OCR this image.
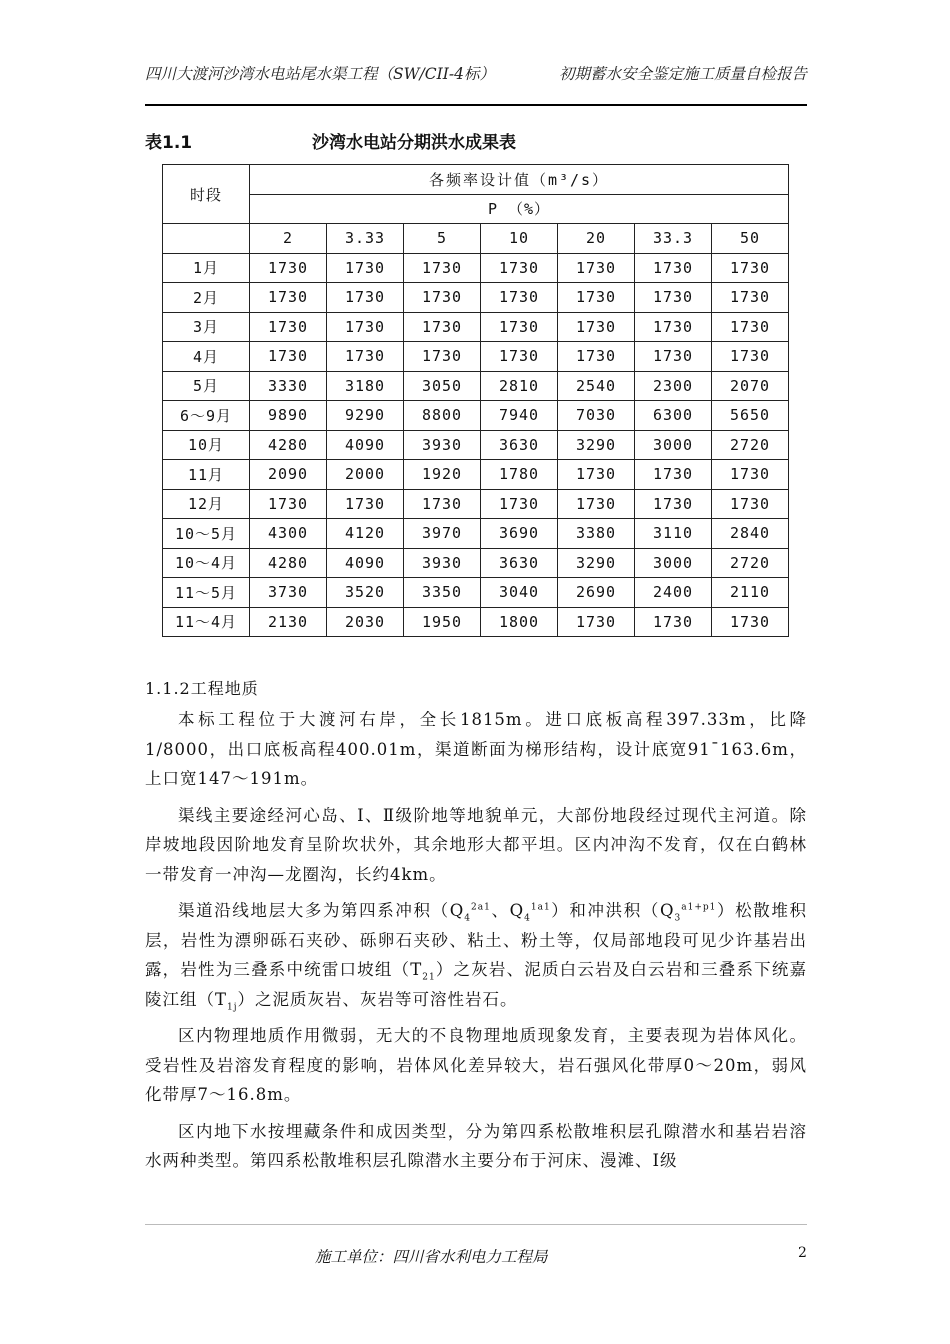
四川大渡河沙湾水电站尾水渠工程（SW/CII-4标）	初期蓄水安全鉴定施工质量自检报告
表1.1	沙湾水电站分期洪水成果表
时段	各频率设计值（m³/s）						
	P （%）						
	2	3.33	5	10	20	33.3	50
1月	1730	1730	1730	1730	1730	1730	1730
2月	1730	1730	1730	1730	1730	1730	1730
3月	1730	1730	1730	1730	1730	1730	1730
4月	1730	1730	1730	1730	1730	1730	1730
5月	3330	3180	3050	2810	2540	2300	2070
6～9月	9890	9290	8800	7940	7030	6300	5650
10月	4280	4090	3930	3630	3290	3000	2720
11月	2090	2000	1920	1780	1730	1730	1730
12月	1730	1730	1730	1730	1730	1730	1730
10～5月	4300	4120	3970	3690	3380	3110	2840
10～4月	4280	4090	3930	3630	3290	3000	2720
11～5月	3730	3520	3350	3040	2690	2400	2110
11～4月	2130	2030	1950	1800	1730	1730	1730
1.1.2工程地质

本标工程位于大渡河右岸，全长1815m。进口底板高程397.33m，比降1/8000，出口底板高程400.01m，渠道断面为梯形结构，设计底宽91¯163.6m，上口宽147～191m。

渠线主要途经河心岛、Ⅰ、Ⅱ级阶地等地貌单元，大部份地段经过现代主河道。除岸坡地段因阶地发育呈阶坎状外，其余地形大都平坦。区内冲沟不发育，仅在白鹤林一带发育一冲沟—龙圈沟，长约4km。

渠道沿线地层大多为第四系冲积（$Q_4^{2a1}$、$Q_4^{1a1}$）和冲洪积$(Q_3^{a1+p1})$松散堆积层，岩性为漂卵砾石夹砂、砾卵石夹砂、粘土、粉土等，仅局部地段可见少许基岩出露，岩性为三叠系中统雷口坡组$(T_{21})$之灰岩、泥质白云岩及白云岩和三叠系下统嘉陵江组$(T_{1j})$之泥质灰岩、灰岩等可溶性岩石。

区内物理地质作用微弱，无大的不良物理地质现象发育，主要表现为岩体风化。受岩性及岩溶发育程度的影响，岩体风化差异较大，岩石强风化带厚0～20m，弱风化带厚7～16.8m。

区内地下水按埋藏条件和成因类型，分为第四系松散堆积层孔隙潜水和基岩岩溶水两种类型。第四系松散堆积层孔隙潜水主要分布于河床、漫滩、Ⅰ级

施工单位：四川省水利电力工程局	2
